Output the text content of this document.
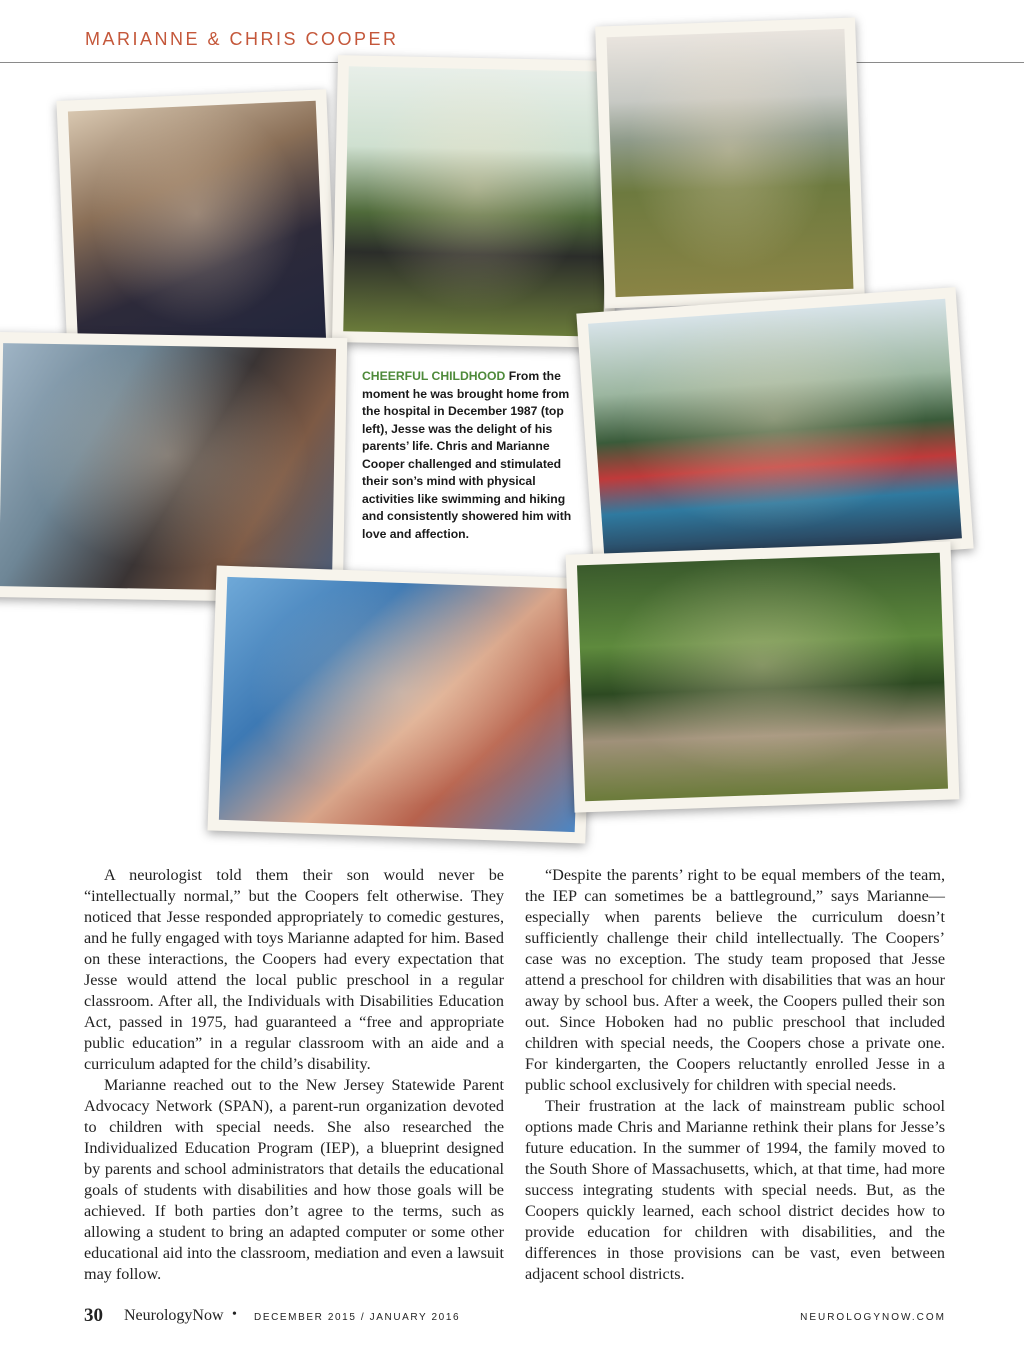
MARIANNE & CHRIS COOPER
CHEERFUL CHILDHOOD From the moment he was brought home from the hospital in December 1987 (top left), Jesse was the delight of his parents’ life. Chris and Marianne Cooper challenged and stimulated their son’s mind with physical activities like swimming and hiking and consistently showered him with love and affection.

A neurologist told them their son would never be “intellectually normal,” but the Coopers felt otherwise. They noticed that Jesse responded appropriately to comedic gestures, and he fully engaged with toys Marianne adapted for him. Based on these interactions, the Coopers had every expectation that Jesse would attend the local public preschool in a regular classroom. After all, the Individuals with Disabilities Education Act, passed in 1975, had guaranteed a “free and appropriate public education” in a regular classroom with an aide and a curriculum adapted for the child’s disability.

Marianne reached out to the New Jersey Statewide Parent Advocacy Network (SPAN), a parent-run organization devoted to children with special needs. She also researched the Individualized Education Program (IEP), a blueprint designed by parents and school administrators that details the educational goals of students with disabilities and how those goals will be achieved. If both parties don’t agree to the terms, such as allowing a student to bring an adapted computer or some other educational aid into the classroom, mediation and even a lawsuit may follow.

“Despite the parents’ right to be equal members of the team, the IEP can sometimes be a battleground,” says Marianne—especially when parents believe the curriculum doesn’t sufficiently challenge their child intellectually. The Coopers’ case was no exception. The study team proposed that Jesse attend a preschool for children with disabilities that was an hour away by school bus. After a week, the Coopers pulled their son out. Since Hoboken had no public preschool that included children with special needs, the Coopers chose a private one. For kindergarten, the Coopers reluctantly enrolled Jesse in a public school exclusively for children with special needs.

Their frustration at the lack of mainstream public school options made Chris and Marianne rethink their plans for Jesse’s future education. In the summer of 1994, the family moved to the South Shore of Massachusetts, which, at that time, had more success integrating students with special needs. But, as the Coopers quickly learned, each school district decides how to provide education for children with disabilities, and the differences in those provisions can be vast, even between adjacent school districts.

30 NeurologyNow • DECEMBER 2015 / JANUARY 2016	NEUROLOGYNOW.COM
